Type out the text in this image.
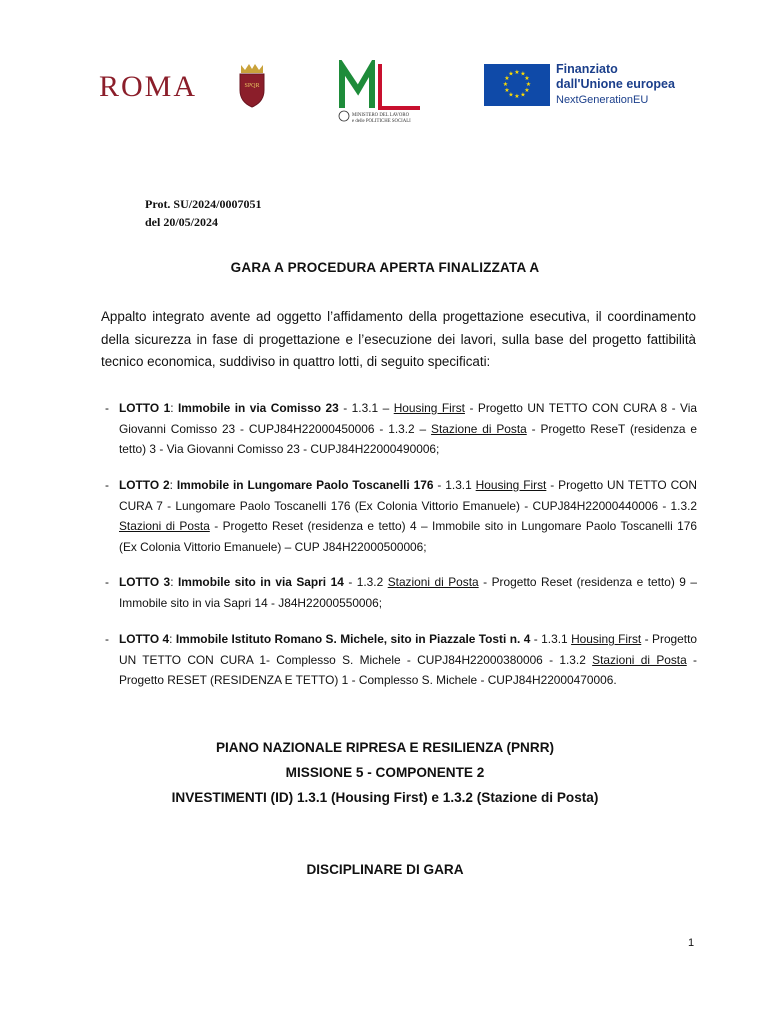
ROMA	SPQR
MINISTERO DEL LAVORO
e delle POLITICHE SOCIALI
★ ★
★
★
★
★
★
★
★
★
★
★	Finanziato
dall'Unione europea
NextGenerationEU
Prot. SU/2024/0007051
del 20/05/2024
GARA A PROCEDURA APERTA FINALIZZATA A
Appalto integrato avente ad oggetto l’affidamento della progettazione esecutiva, il coordinamento della sicurezza in fase di progettazione e l’esecuzione dei lavori, sulla base del progetto fattibilità tecnico economica, suddiviso in quattro lotti, di seguito specificati:
- LOTTO 1: Immobile in via Comisso 23 - 1.3.1 – Housing First - Progetto UN TETTO CON CURA 8 - Via Giovanni Comisso 23 - CUPJ84H22000450006 - 1.3.2 – Stazione di Posta - Progetto ReseT (residenza e tetto) 3 - Via Giovanni Comisso 23 - CUPJ84H22000490006;
- LOTTO 2: Immobile in Lungomare Paolo Toscanelli 176 - 1.3.1 Housing First - Progetto UN TETTO CON CURA 7 - Lungomare Paolo Toscanelli 176 (Ex Colonia Vittorio Emanuele) - CUPJ84H22000440006 - 1.3.2 Stazioni di Posta - Progetto Reset (residenza e tetto) 4 – Immobile sito in Lungomare Paolo Toscanelli 176 (Ex Colonia Vittorio Emanuele) – CUP J84H22000500006;
- LOTTO 3: Immobile sito in via Sapri 14 - 1.3.2 Stazioni di Posta - Progetto Reset (residenza e tetto) 9 – Immobile sito in via Sapri 14 - J84H22000550006;
- LOTTO 4: Immobile Istituto Romano S. Michele, sito in Piazzale Tosti n. 4 - 1.3.1 Housing First - Progetto UN TETTO CON CURA 1- Complesso S. Michele - CUPJ84H22000380006 - 1.3.2 Stazioni di Posta - Progetto RESET (RESIDENZA E TETTO) 1 - Complesso S. Michele - CUPJ84H22000470006.
PIANO NAZIONALE RIPRESA E RESILIENZA (PNRR)
MISSIONE 5 - COMPONENTE 2
INVESTIMENTI (ID) 1.3.1 (Housing First) e 1.3.2 (Stazione di Posta)
DISCIPLINARE DI GARA
1
